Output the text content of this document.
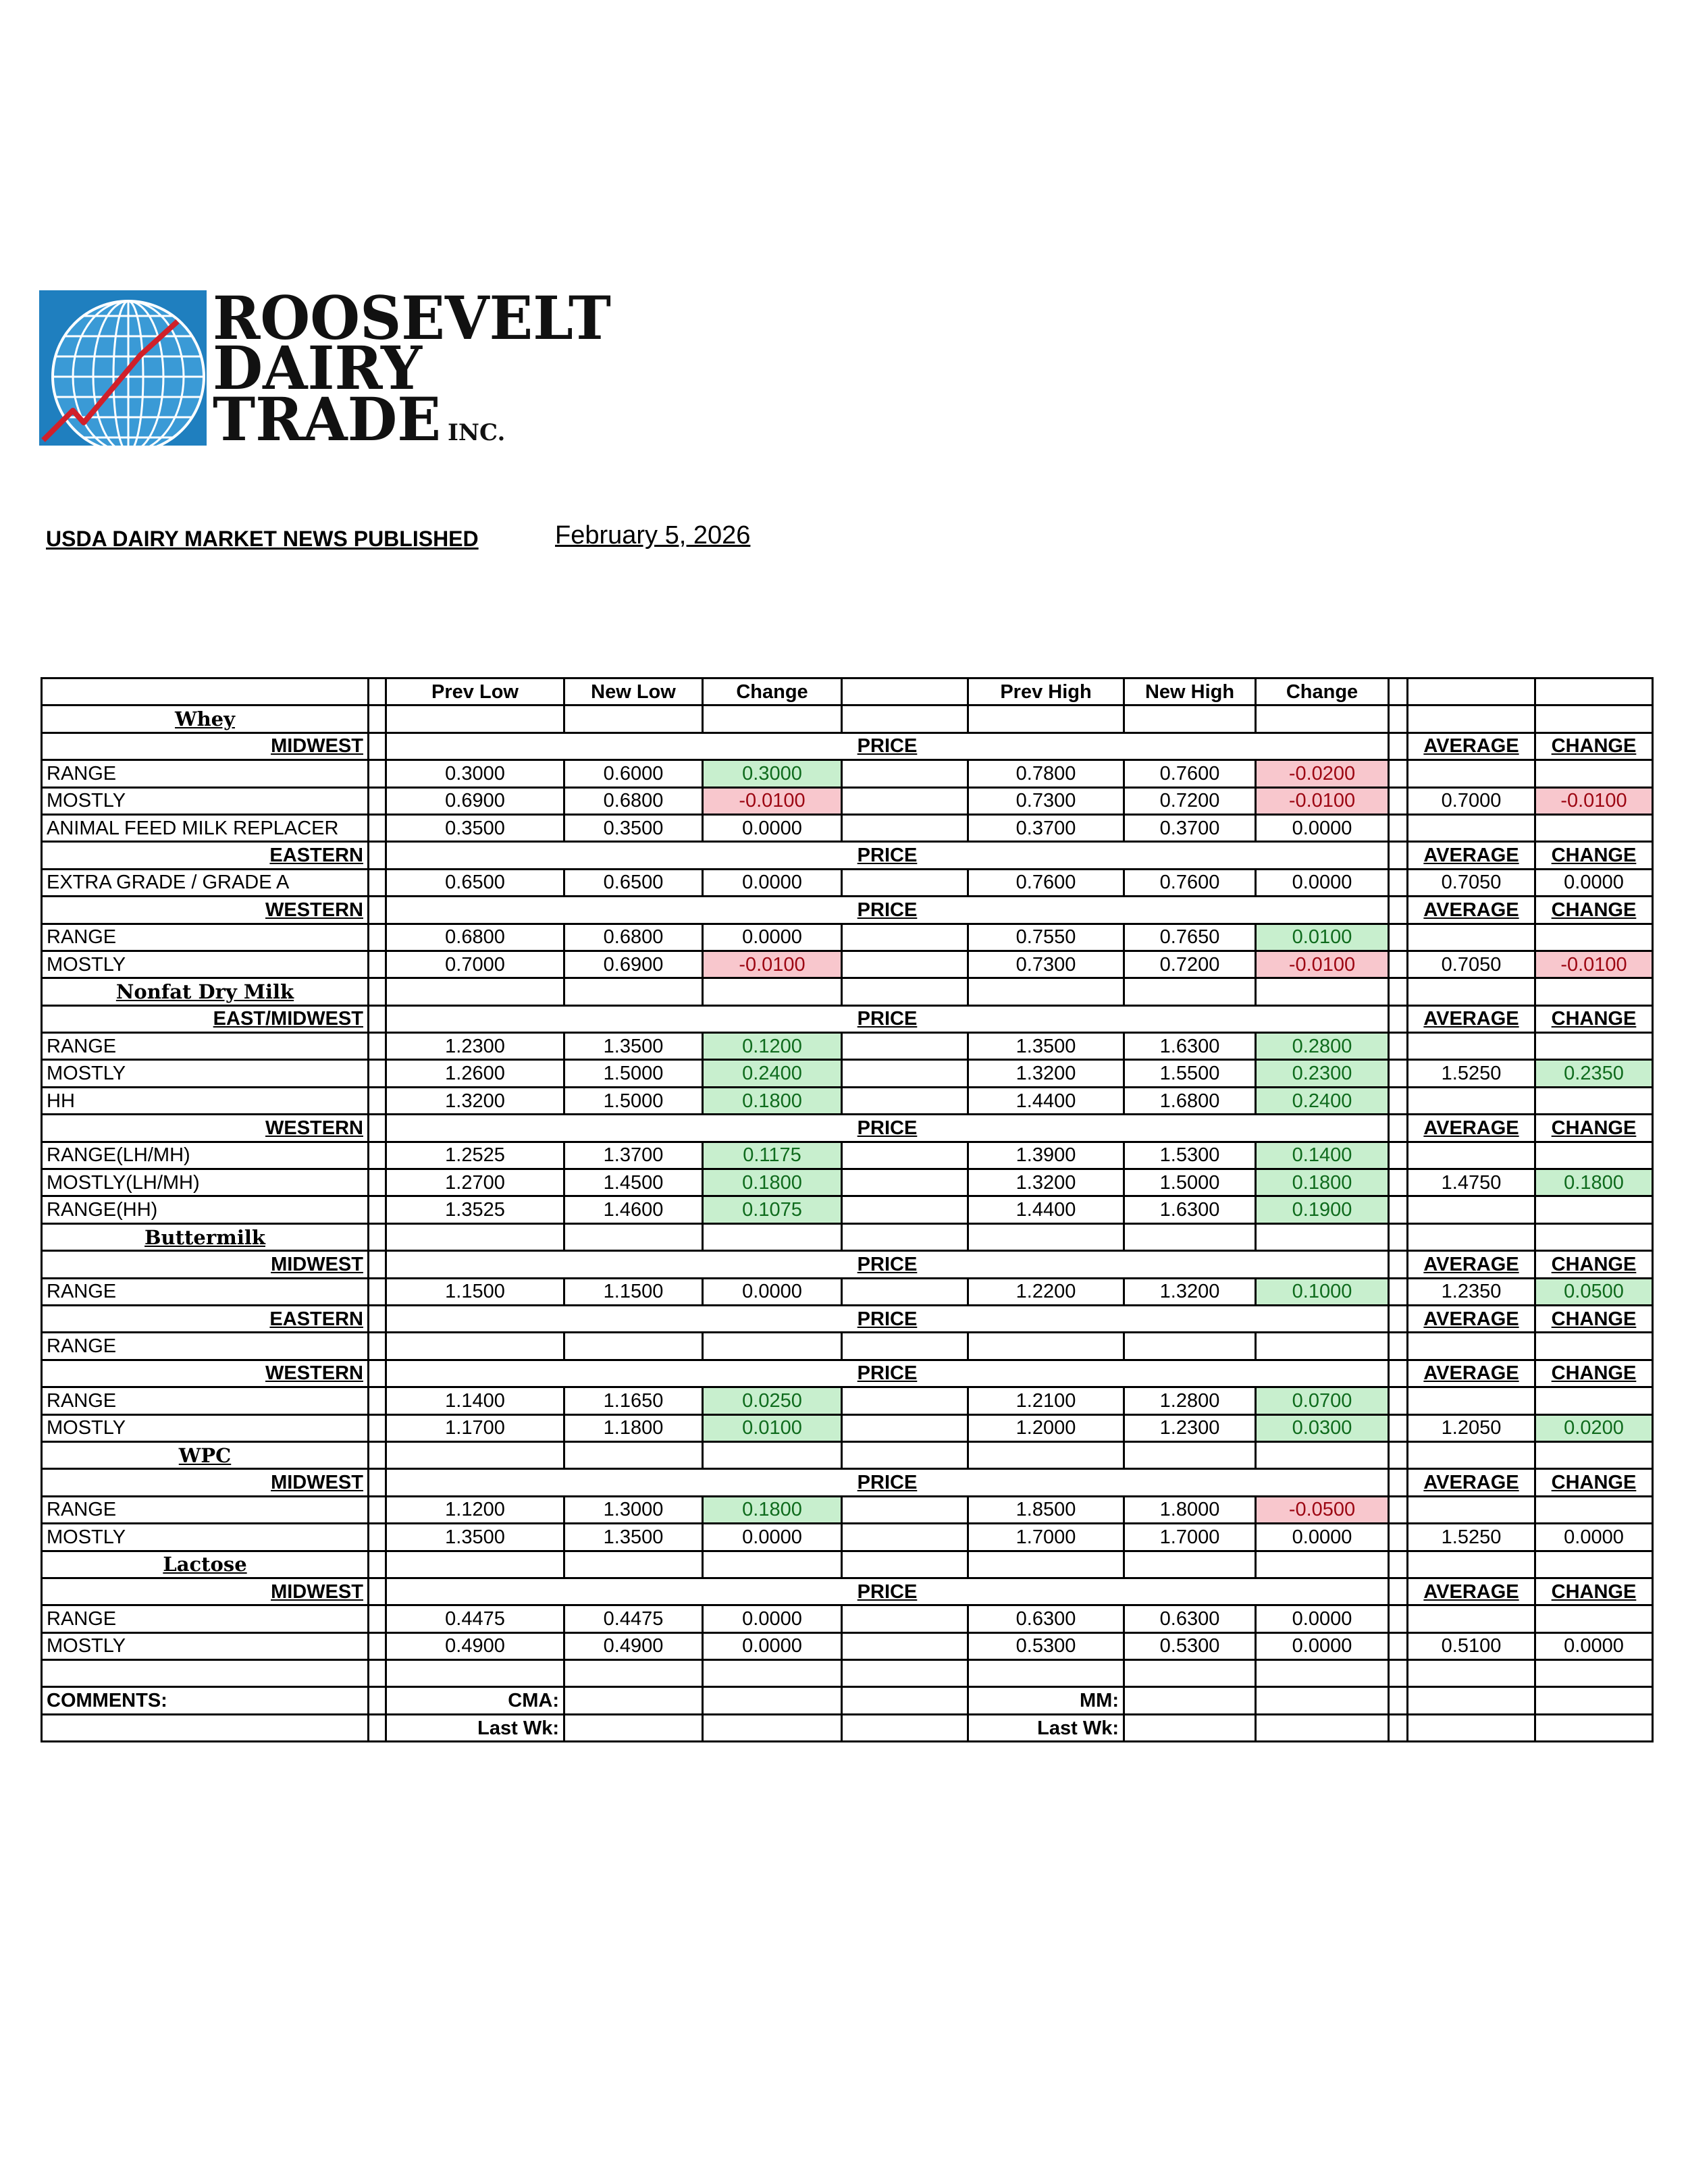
ROOSEVELT
DAIRY
TRADE INC.
USDA DAIRY MARKET NEWS PUBLISHED	February 5, 2026
		Prev Low	New Low	Change		Prev High	New High	Change			
Whey											
MIDWEST		PRICE								AVERAGE	CHANGE
RANGE		0.3000	0.6000	0.3000		0.7800	0.7600	-0.0200			
MOSTLY		0.6900	0.6800	-0.0100		0.7300	0.7200	-0.0100		0.7000	-0.0100
ANIMAL FEED MILK REPLACER		0.3500	0.3500	0.0000		0.3700	0.3700	0.0000			
EASTERN		PRICE								AVERAGE	CHANGE
EXTRA GRADE / GRADE A		0.6500	0.6500	0.0000		0.7600	0.7600	0.0000		0.7050	0.0000
WESTERN		PRICE								AVERAGE	CHANGE
RANGE		0.6800	0.6800	0.0000		0.7550	0.7650	0.0100			
MOSTLY		0.7000	0.6900	-0.0100		0.7300	0.7200	-0.0100		0.7050	-0.0100
Nonfat Dry Milk											
EAST/MIDWEST		PRICE								AVERAGE	CHANGE
RANGE		1.2300	1.3500	0.1200		1.3500	1.6300	0.2800			
MOSTLY		1.2600	1.5000	0.2400		1.3200	1.5500	0.2300		1.5250	0.2350
HH		1.3200	1.5000	0.1800		1.4400	1.6800	0.2400			
WESTERN		PRICE								AVERAGE	CHANGE
RANGE(LH/MH)		1.2525	1.3700	0.1175		1.3900	1.5300	0.1400			
MOSTLY(LH/MH)		1.2700	1.4500	0.1800		1.3200	1.5000	0.1800		1.4750	0.1800
RANGE(HH)		1.3525	1.4600	0.1075		1.4400	1.6300	0.1900			
Buttermilk											
MIDWEST		PRICE								AVERAGE	CHANGE
RANGE		1.1500	1.1500	0.0000		1.2200	1.3200	0.1000		1.2350	0.0500
EASTERN		PRICE								AVERAGE	CHANGE
RANGE											
WESTERN		PRICE								AVERAGE	CHANGE
RANGE		1.1400	1.1650	0.0250		1.2100	1.2800	0.0700			
MOSTLY		1.1700	1.1800	0.0100		1.2000	1.2300	0.0300		1.2050	0.0200
WPC											
MIDWEST		PRICE								AVERAGE	CHANGE
RANGE		1.1200	1.3000	0.1800		1.8500	1.8000	-0.0500			
MOSTLY		1.3500	1.3500	0.0000		1.7000	1.7000	0.0000		1.5250	0.0000
Lactose											
MIDWEST		PRICE								AVERAGE	CHANGE
RANGE		0.4475	0.4475	0.0000		0.6300	0.6300	0.0000			
MOSTLY		0.4900	0.4900	0.0000		0.5300	0.5300	0.0000		0.5100	0.0000

COMMENTS:		CMA:				MM:					
		Last Wk:				Last Wk:					
